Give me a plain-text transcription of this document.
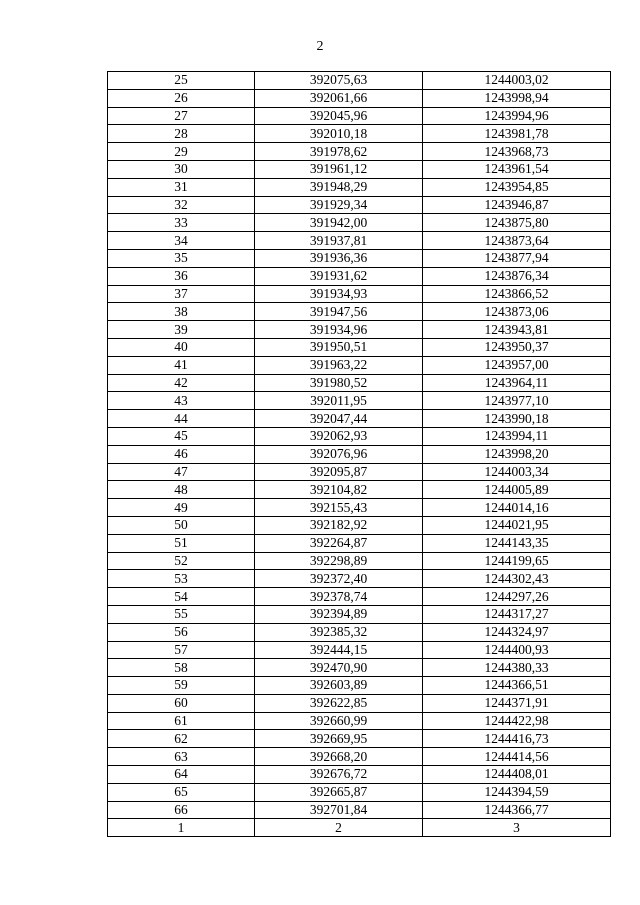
2
25	392075,63	1244003,02
26	392061,66	1243998,94
27	392045,96	1243994,96
28	392010,18	1243981,78
29	391978,62	1243968,73
30	391961,12	1243961,54
31	391948,29	1243954,85
32	391929,34	1243946,87
33	391942,00	1243875,80
34	391937,81	1243873,64
35	391936,36	1243877,94
36	391931,62	1243876,34
37	391934,93	1243866,52
38	391947,56	1243873,06
39	391934,96	1243943,81
40	391950,51	1243950,37
41	391963,22	1243957,00
42	391980,52	1243964,11
43	392011,95	1243977,10
44	392047,44	1243990,18
45	392062,93	1243994,11
46	392076,96	1243998,20
47	392095,87	1244003,34
48	392104,82	1244005,89
49	392155,43	1244014,16
50	392182,92	1244021,95
51	392264,87	1244143,35
52	392298,89	1244199,65
53	392372,40	1244302,43
54	392378,74	1244297,26
55	392394,89	1244317,27
56	392385,32	1244324,97
57	392444,15	1244400,93
58	392470,90	1244380,33
59	392603,89	1244366,51
60	392622,85	1244371,91
61	392660,99	1244422,98
62	392669,95	1244416,73
63	392668,20	1244414,56
64	392676,72	1244408,01
65	392665,87	1244394,59
66	392701,84	1244366,77
1	2	3
